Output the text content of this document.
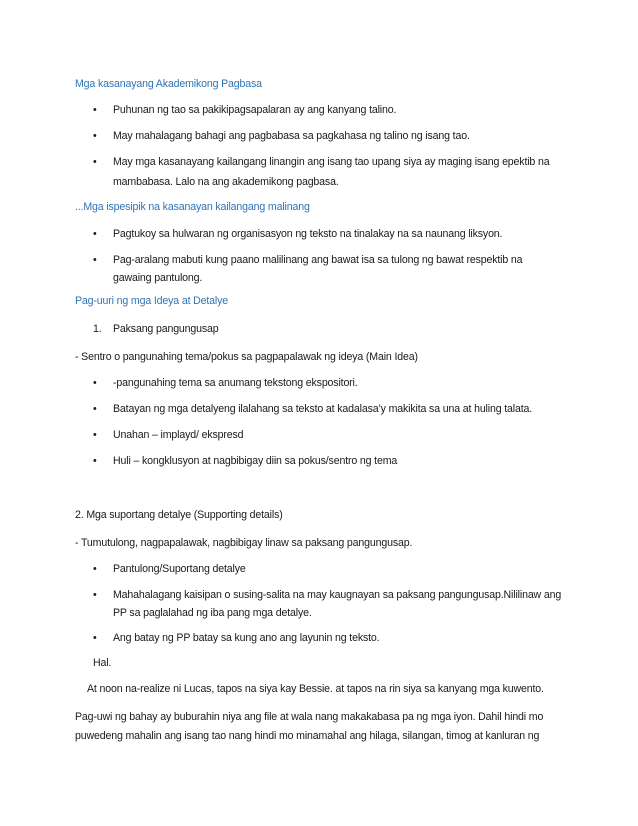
Mga kasanayang Akademikong Pagbasa
• Puhunan ng tao sa pakikipagsapalaran ay ang kanyang talino.
• May mahalagang bahagi ang pagbabasa sa pagkahasa ng talino ng isang tao.
• May mga kasanayang kailangang linangin ang isang tao upang siya ay maging isang epektib na
mambabasa. Lalo na ang akademikong pagbasa.
...Mga ispesipik na kasanayan kailangang malinang
• Pagtukoy sa hulwaran ng organisasyon ng teksto na tinalakay na sa naunang liksyon.
• Pag-aralang mabuti kung paano malilinang ang bawat isa sa tulong ng bawat respektib na
gawaing pantulong.
Pag-uuri ng mga Ideya at Detalye
1. Paksang pangungusap
- Sentro o pangunahing tema/pokus sa pagpapalawak ng ideya (Main Idea)
• -pangunahing tema sa anumang tekstong ekspositori.
• Batayan ng mga detalyeng ilalahang sa teksto at kadalasa’y makikita sa una at huling talata.
• Unahan – implayd/ ekspresd
• Huli – kongklusyon at nagbibigay diin sa pokus/sentro ng tema
2. Mga suportang detalye (Supporting details)
- Tumutulong, nagpapalawak, nagbibigay linaw sa paksang pangungusap.
• Pantulong/Suportang detalye
• Mahahalagang kaisipan o susing-salita na may kaugnayan sa paksang pangungusap.Nililinaw ang
PP sa paglalahad ng iba pang mga detalye.
• Ang batay ng PP batay sa kung ano ang layunin ng teksto.
Hal.
At noon na-realize ni Lucas, tapos na siya kay Bessie. at tapos na rin siya sa kanyang mga kuwento.
Pag-uwi ng bahay ay buburahin niya ang file at wala nang makakabasa pa ng mga iyon. Dahil hindi mo
puwedeng mahalin ang isang tao nang hindi mo minamahal ang hilaga, silangan, timog at kanluran ng
